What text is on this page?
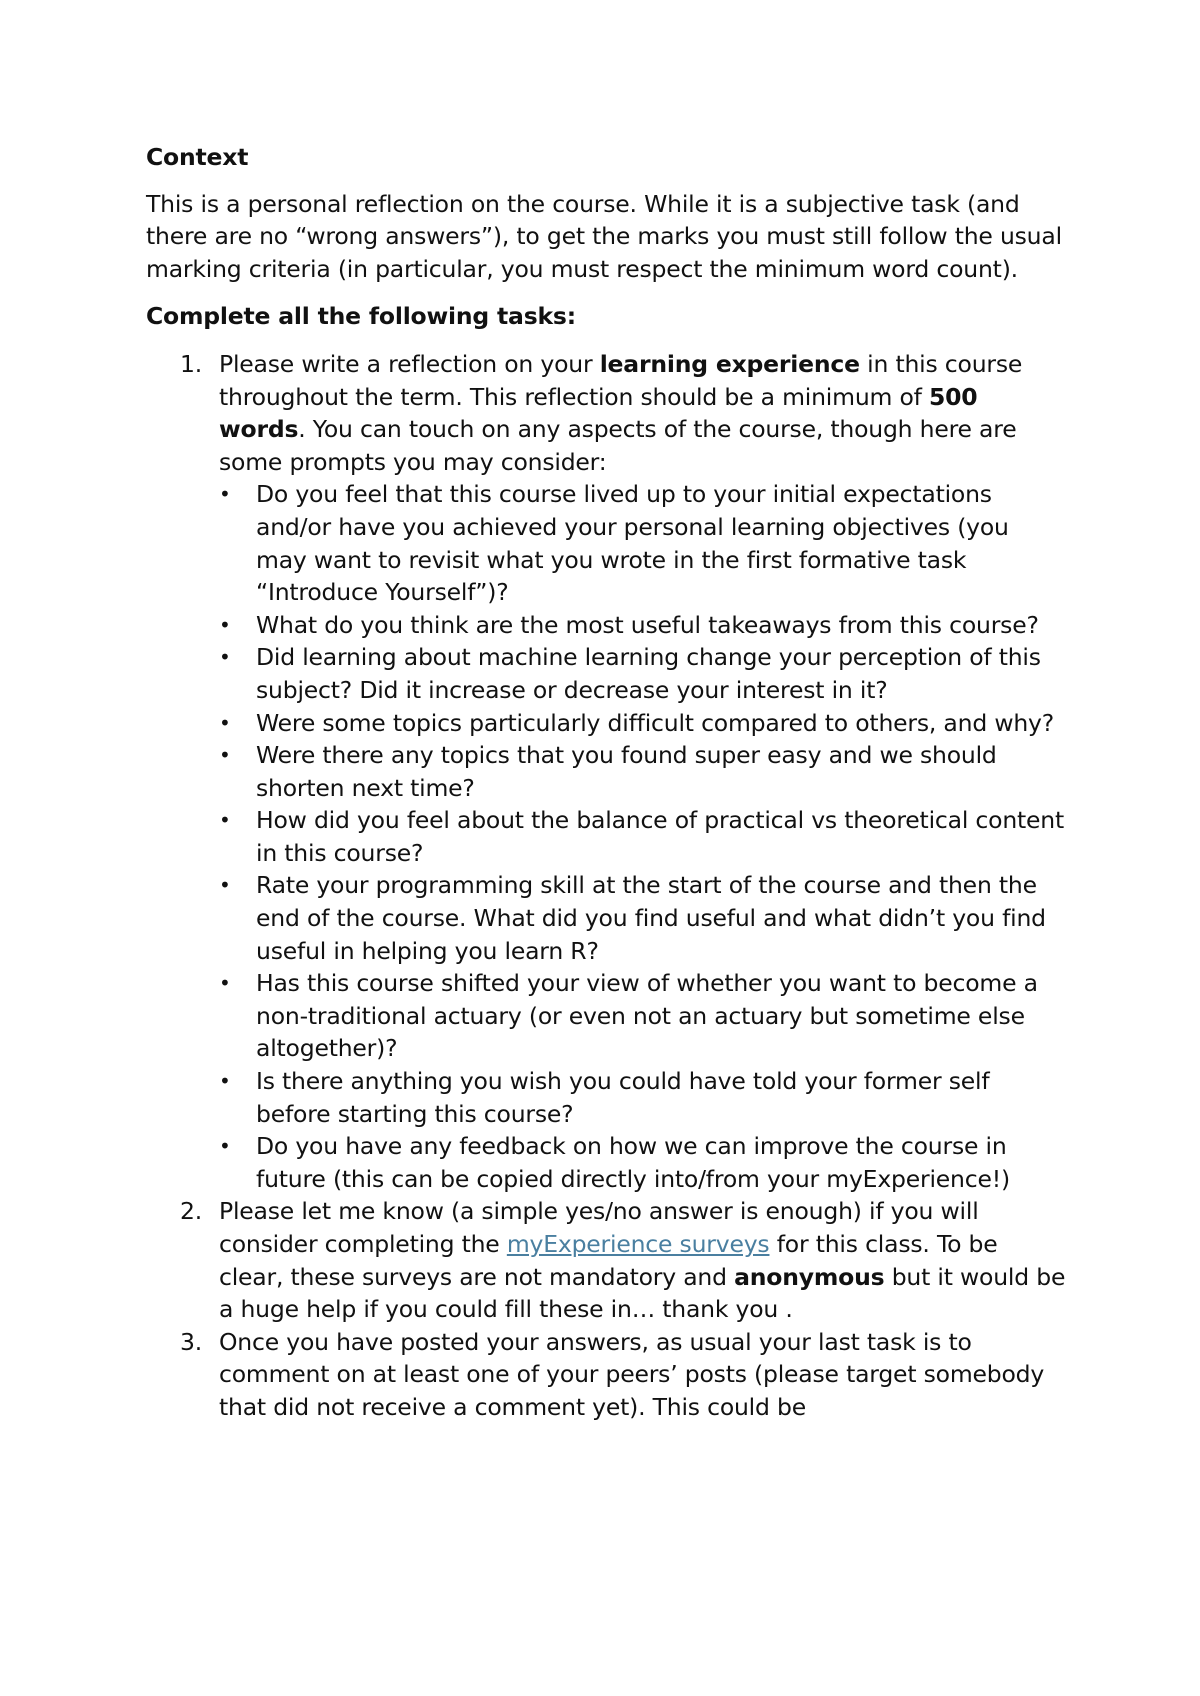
Context

This is a personal reflection on the course. While it is a subjective task (and there are no “wrong answers”), to get the marks you must still follow the usual marking criteria (in particular, you must respect the minimum word count).

Complete all the following tasks:
1. Please write a reflection on your learning experience in this course throughout the term. This reflection should be a minimum of 500 words. You can touch on any aspects of the course, though here are some prompts you may consider:
• Do you feel that this course lived up to your initial expectations and/or have you achieved your personal learning objectives (you may want to revisit what you wrote in the first formative task “Introduce Yourself”)?
• What do you think are the most useful takeaways from this course?
• Did learning about machine learning change your perception of this subject? Did it increase or decrease your interest in it?
• Were some topics particularly difficult compared to others, and why?
• Were there any topics that you found super easy and we should shorten next time?
• How did you feel about the balance of practical vs theoretical content in this course?
• Rate your programming skill at the start of the course and then the end of the course. What did you find useful and what didn’t you find useful in helping you learn R?
• Has this course shifted your view of whether you want to become a non-traditional actuary (or even not an actuary but sometime else altogether)?
• Is there anything you wish you could have told your former self before starting this course?
• Do you have any feedback on how we can improve the course in future (this can be copied directly into/from your myExperience!)
2. Please let me know (a simple yes/no answer is enough) if you will consider completing the myExperience surveys for this class. To be clear, these surveys are not mandatory and anonymous but it would be a huge help if you could fill these in… thank you .
3. Once you have posted your answers, as usual your last task is to comment on at least one of your peers’ posts (please target somebody that did not receive a comment yet). This could be
